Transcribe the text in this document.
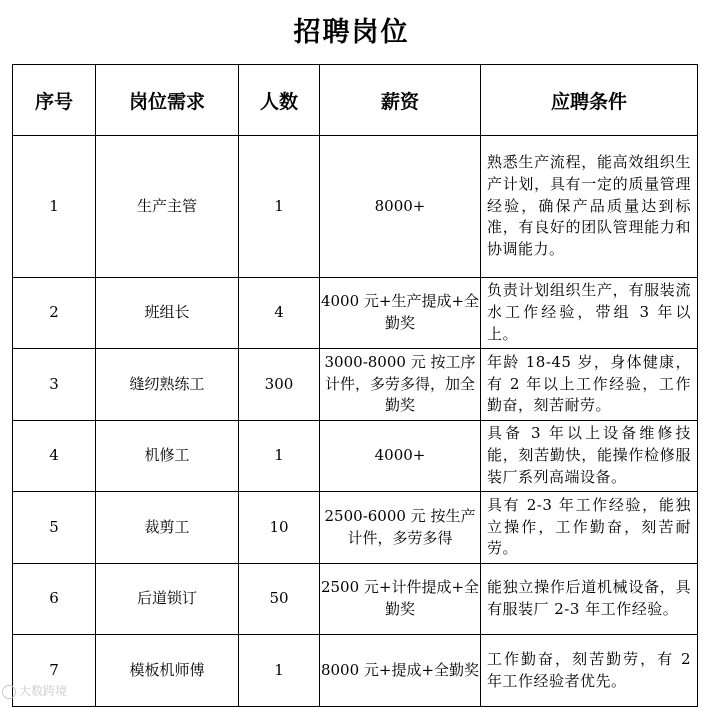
招聘岗位
序号	岗位需求	人数	薪资	应聘条件
1	生产主管	1	8000+	熟悉生产流程，能高效组织生产计划，具有一定的质量管理经验，确保产品质量达到标准，有良好的团队管理能力和协调能力。
2	班组长	4	4000 元+生产提成+全勤奖	负责计划组织生产，有服装流水工作经验，带组 3 年以上。
3	缝纫熟练工	300	3000-8000 元 按工序计件，多劳多得，加全勤奖	年龄 18-45 岁，身体健康，有 2 年以上工作经验，工作勤奋，刻苦耐劳。
4	机修工	1	4000+	具备 3 年以上设备维修技能，刻苦勤快，能操作检修服装厂系列高端设备。
5	裁剪工	10	2500-6000 元 按生产计件，多劳多得	具有 2-3 年工作经验，能独立操作，工作勤奋，刻苦耐劳。
6	后道锁订	50	2500 元+计件提成+全勤奖	能独立操作后道机械设备，具有服装厂 2-3 年工作经验。
7	模板机师傅	1	8000 元+提成+全勤奖	工作勤奋，刻苦勤劳，有 2 年工作经验者优先。
大数跨境
